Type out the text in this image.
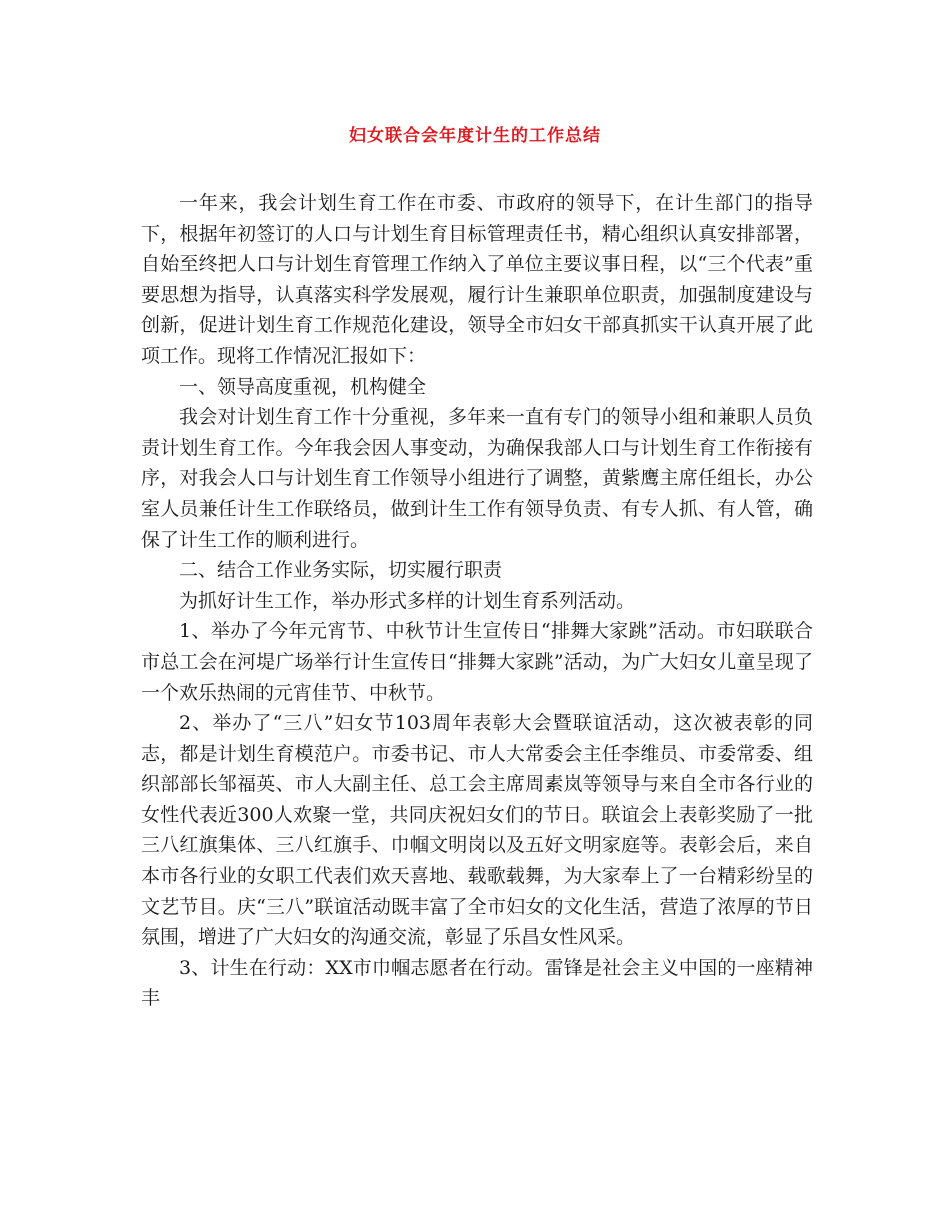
妇女联合会年度计生的工作总结

一年来，我会计划生育工作在市委、市政府的领导下，在计生部门的指导下，根据年初签订的人口与计划生育目标管理责任书，精心组织认真安排部署，自始至终把人口与计划生育管理工作纳入了单位主要议事日程，以“三个代表”重要思想为指导，认真落实科学发展观，履行计生兼职单位职责，加强制度建设与创新，促进计划生育工作规范化建设，领导全市妇女干部真抓实干认真开展了此项工作。现将工作情况汇报如下：

一、领导高度重视，机构健全

我会对计划生育工作十分重视，多年来一直有专门的领导小组和兼职人员负责计划生育工作。今年我会因人事变动，为确保我部人口与计划生育工作衔接有序，对我会人口与计划生育工作领导小组进行了调整，黄紫鹰主席任组长，办公室人员兼任计生工作联络员，做到计生工作有领导负责、有专人抓、有人管，确保了计生工作的顺利进行。

二、结合工作业务实际，切实履行职责

为抓好计生工作，举办形式多样的计划生育系列活动。

1、举办了今年元宵节、中秋节计生宣传日“排舞大家跳”活动。市妇联联合市总工会在河堤广场举行计生宣传日“排舞大家跳”活动，为广大妇女儿童呈现了一个欢乐热闹的元宵佳节、中秋节。

2、举办了“三八”妇女节103周年表彰大会暨联谊活动，这次被表彰的同志，都是计划生育模范户。市委书记、市人大常委会主任李维员、市委常委、组织部部长邹福英、市人大副主任、总工会主席周素岚等领导与来自全市各行业的女性代表近300人欢聚一堂，共同庆祝妇女们的节日。联谊会上表彰奖励了一批三八红旗集体、三八红旗手、巾帼文明岗以及五好文明家庭等。表彰会后，来自本市各行业的女职工代表们欢天喜地、载歌载舞，为大家奉上了一台精彩纷呈的文艺节目。庆“三八”联谊活动既丰富了全市妇女的文化生活，营造了浓厚的节日氛围，增进了广大妇女的沟通交流，彰显了乐昌女性风采。

3、计生在行动：XX市巾帼志愿者在行动。雷锋是社会主义中国的一座精神丰
